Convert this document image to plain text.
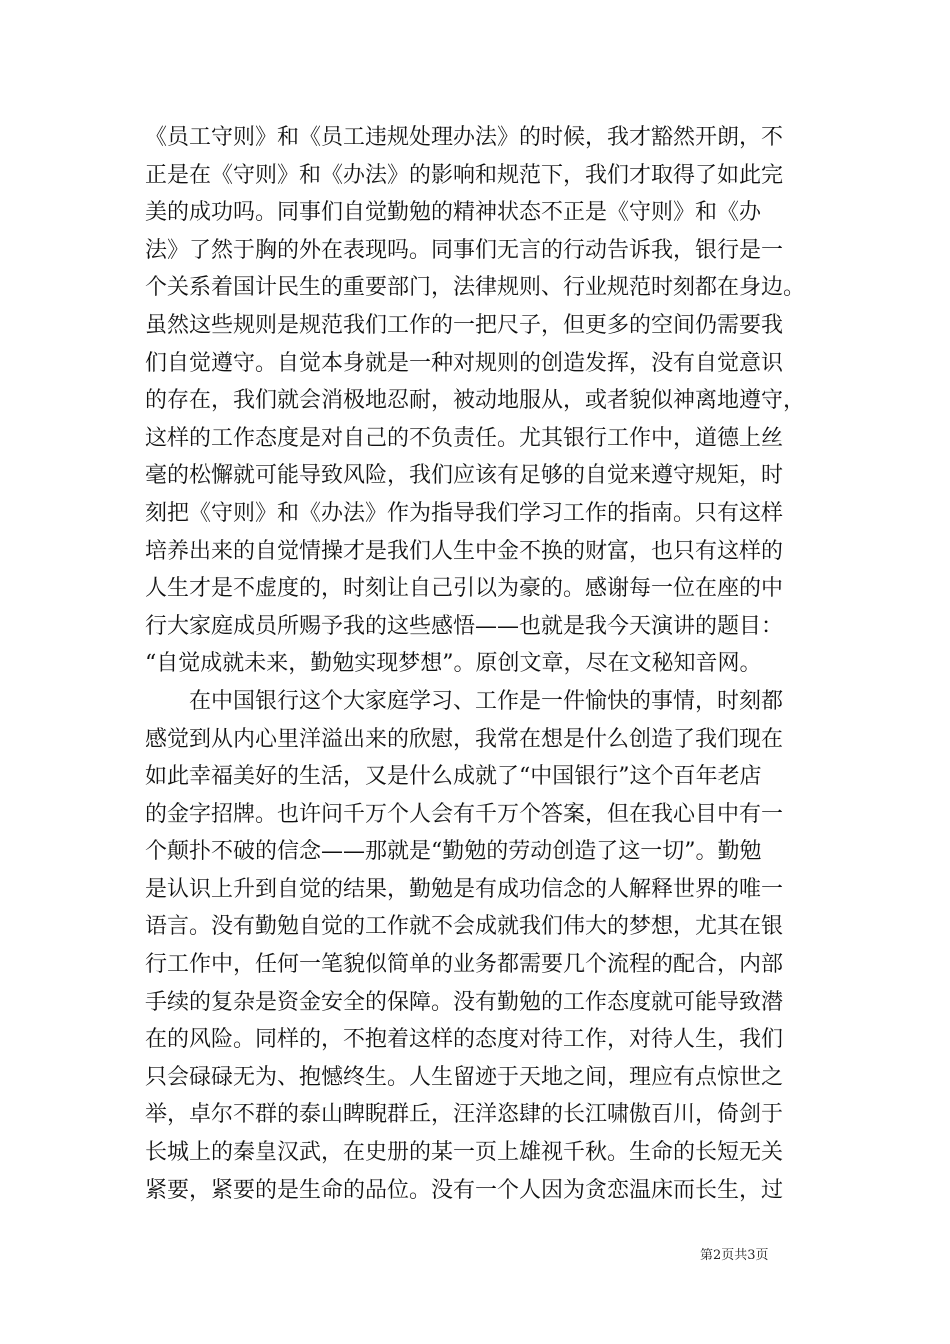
《员工守则》和《员工违规处理办法》的时候，我才豁然开朗，不
正是在《守则》和《办法》的影响和规范下，我们才取得了如此完
美的成功吗。同事们自觉勤勉的精神状态不正是《守则》和《办
法》了然于胸的外在表现吗。同事们无言的行动告诉我，银行是一
个关系着国计民生的重要部门，法律规则、行业规范时刻都在身边。
虽然这些规则是规范我们工作的一把尺子，但更多的空间仍需要我
们自觉遵守。自觉本身就是一种对规则的创造发挥，没有自觉意识
的存在，我们就会消极地忍耐，被动地服从，或者貌似神离地遵守，
这样的工作态度是对自己的不负责任。尤其银行工作中，道德上丝
毫的松懈就可能导致风险，我们应该有足够的自觉来遵守规矩，时
刻把《守则》和《办法》作为指导我们学习工作的指南。只有这样
培养出来的自觉情操才是我们人生中金不换的财富，也只有这样的
人生才是不虚度的，时刻让自己引以为豪的。感谢每一位在座的中
行大家庭成员所赐予我的这些感悟——也就是我今天演讲的题目：
“自觉成就未来，勤勉实现梦想”。原创文章，尽在文秘知音网。
在中国银行这个大家庭学习、工作是一件愉快的事情，时刻都
感觉到从内心里洋溢出来的欣慰，我常在想是什么创造了我们现在
如此幸福美好的生活，又是什么成就了“中国银行”这个百年老店
的金字招牌。也许问千万个人会有千万个答案，但在我心目中有一
个颠扑不破的信念——那就是“勤勉的劳动创造了这一切”。勤勉
是认识上升到自觉的结果，勤勉是有成功信念的人解释世界的唯一
语言。没有勤勉自觉的工作就不会成就我们伟大的梦想，尤其在银
行工作中，任何一笔貌似简单的业务都需要几个流程的配合，内部
手续的复杂是资金安全的保障。没有勤勉的工作态度就可能导致潜
在的风险。同样的，不抱着这样的态度对待工作，对待人生，我们
只会碌碌无为、抱憾终生。人生留迹于天地之间，理应有点惊世之
举，卓尔不群的泰山睥睨群丘，汪洋恣肆的长江啸傲百川，倚剑于
长城上的秦皇汉武，在史册的某一页上雄视千秋。生命的长短无关
紧要，紧要的是生命的品位。没有一个人因为贪恋温床而长生，过
第2页共3页
